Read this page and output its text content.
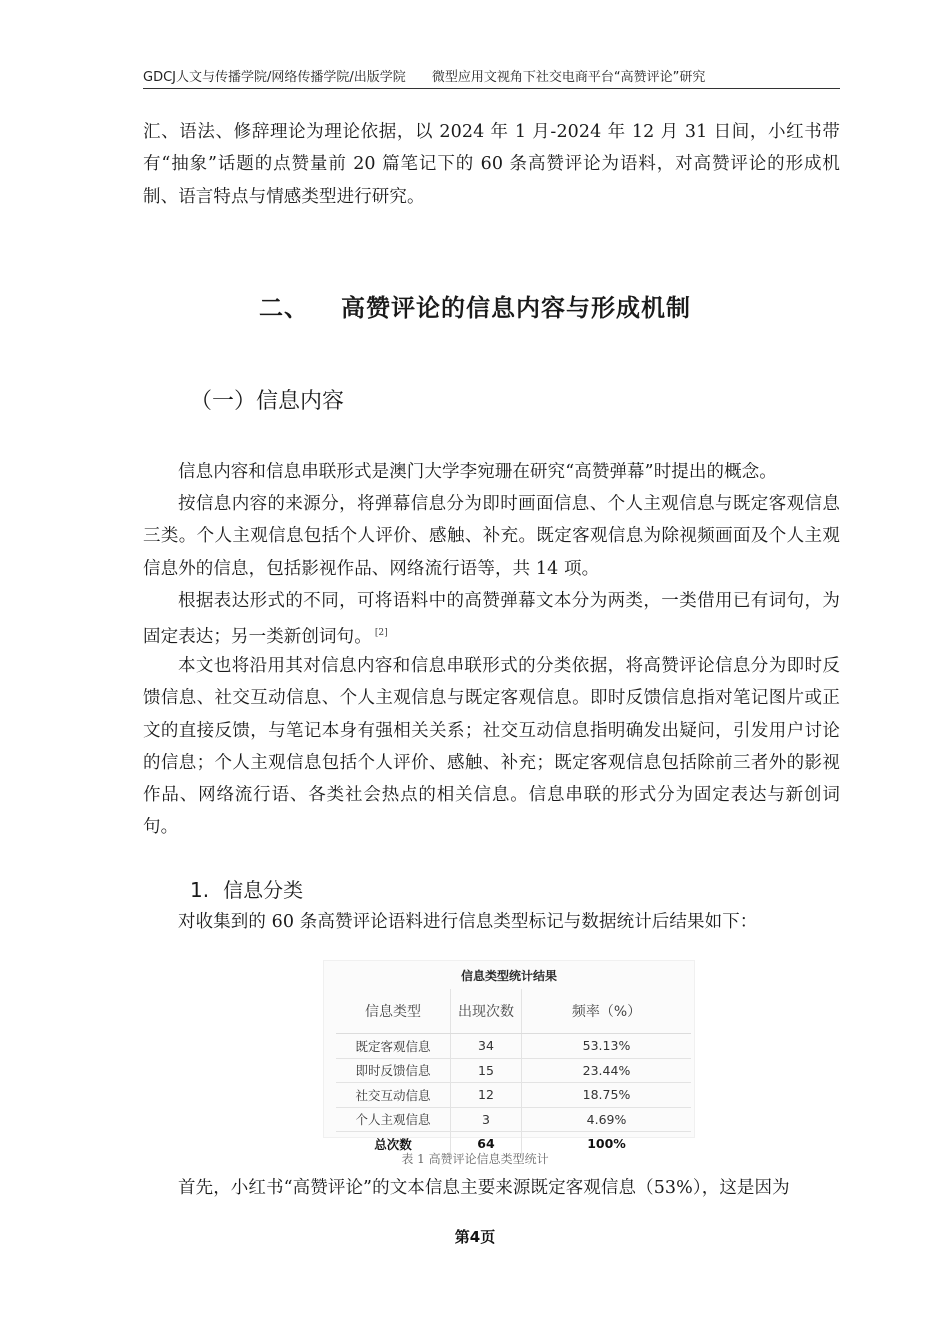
GDCJ人文与传播学院/网络传播学院/出版学院 微型应用文视角下社交电商平台“高赞评论”研究
汇、语法、修辞理论为理论依据，以 2024 年 1 月-2024 年 12 月 31 日间，小红书带有“抽象”话题的点赞量前 20 篇笔记下的 60 条高赞评论为语料，对高赞评论的形成机制、语言特点与情感类型进行研究。
二、 高赞评论的信息内容与形成机制
（一）信息内容
信息内容和信息串联形式是澳门大学李宛珊在研究“高赞弹幕”时提出的概念。
按信息内容的来源分，将弹幕信息分为即时画面信息、个人主观信息与既定客观信息三类。个人主观信息包括个人评价、感触、补充。既定客观信息为除视频画面及个人主观信息外的信息，包括影视作品、网络流行语等，共 14 项。
根据表达形式的不同，可将语料中的高赞弹幕文本分为两类，一类借用已有词句，为固定表达；另一类新创词句。 [2]
本文也将沿用其对信息内容和信息串联形式的分类依据，将高赞评论信息分为即时反馈信息、社交互动信息、个人主观信息与既定客观信息。即时反馈信息指对笔记图片或正文的直接反馈，与笔记本身有强相关关系；社交互动信息指明确发出疑问，引发用户讨论的信息；个人主观信息包括个人评价、感触、补充；既定客观信息包括除前三者外的影视作品、网络流行语、各类社会热点的相关信息。信息串联的形式分为固定表达与新创词句。
1. 信息分类
对收集到的 60 条高赞评论语料进行信息类型标记与数据统计后结果如下：
信息类型统计结果
信息类型	出现次数	频率（%）
既定客观信息	34	53.13%
即时反馈信息	15	23.44%
社交互动信息	12	18.75%
个人主观信息	3	4.69%
总次数	64	100%
表 1 高赞评论信息类型统计
首先，小红书“高赞评论”的文本信息主要来源既定客观信息（53%），这是因为
第4页
